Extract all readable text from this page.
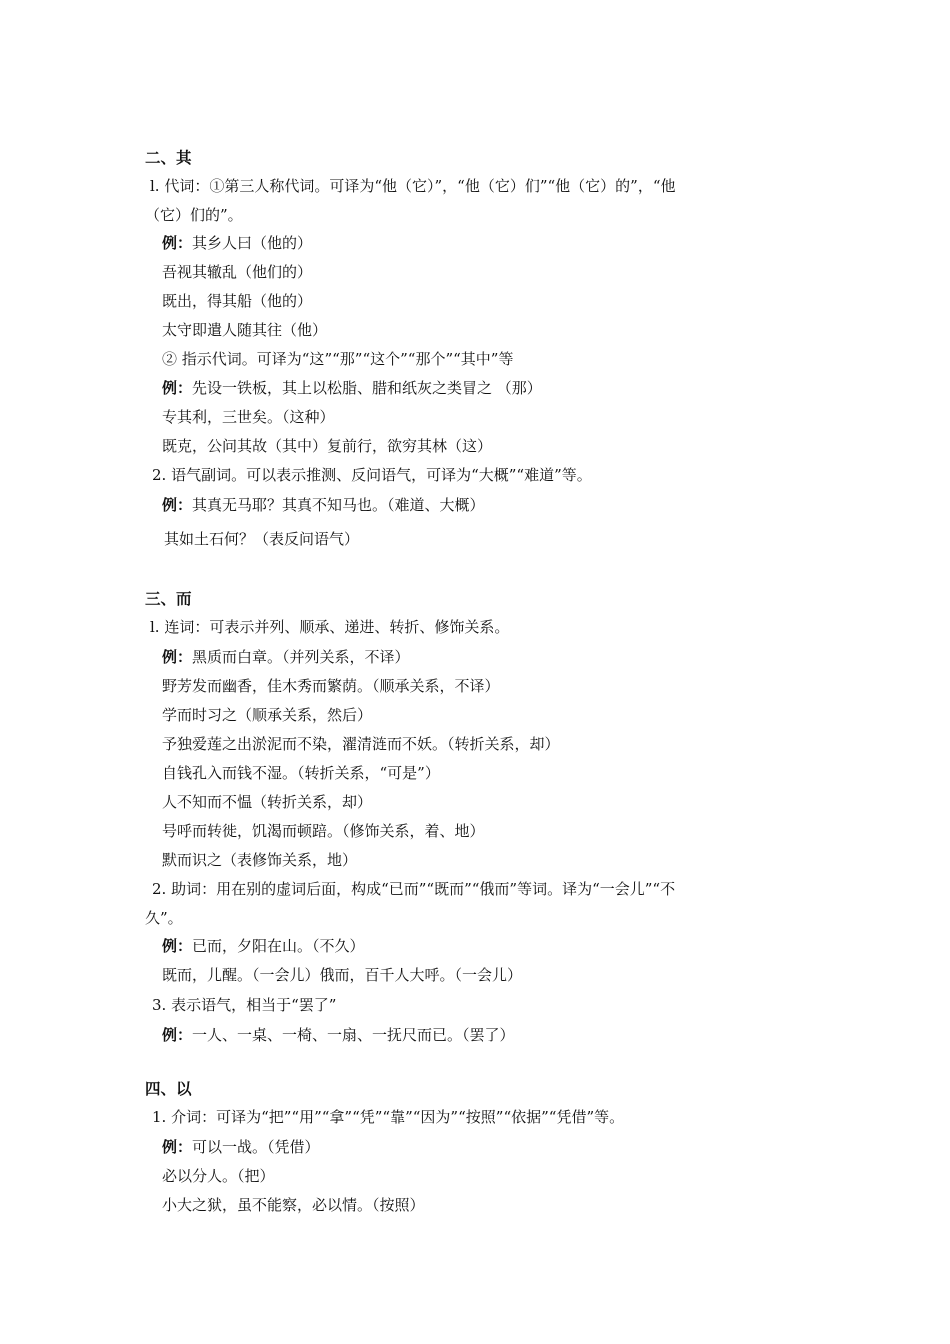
二、其
l. 代词：①第三人称代词。可译为“他（它）”，“他（它）们”“他（它）的”，“他
（它）们的”。
例：其乡人曰（他的）
吾视其辙乱（他们的）
既出，得其船（他的）
太守即遣人随其往（他）
② 指示代词。可译为“这”“那”“这个”“那个”“其中”等
例：先设一铁板，其上以松脂、腊和纸灰之类冒之 （那）
专其利，三世矣。（这种）
既克，公问其故（其中）复前行，欲穷其林（这）
2. 语气副词。可以表示推测、反问语气，可译为“大概”“难道”等。
例：其真无马耶？其真不知马也。（难道、大概）
其如土石何？（表反问语气）
三、而
l. 连词：可表示并列、顺承、递进、转折、修饰关系。
例：黑质而白章。（并列关系，不译）
野芳发而幽香，佳木秀而繁荫。（顺承关系，不译）
学而时习之（顺承关系，然后）
予独爱莲之出淤泥而不染，濯清涟而不妖。（转折关系，却）
自钱孔入而钱不湿。（转折关系，“可是”）
人不知而不愠（转折关系，却）
号呼而转徙，饥渴而顿踣。（修饰关系，着、地）
默而识之（表修饰关系，地）
2. 助词：用在别的虚词后面，构成“已而”“既而”“俄而”等词。译为“一会儿”“不
久”。
例：已而，夕阳在山。（不久）
既而，儿醒。（一会儿）俄而，百千人大呼。（一会儿）
3. 表示语气，相当于“罢了”
例：一人、一桌、一椅、一扇、一抚尺而已。（罢了）
四、以
1. 介词：可译为“把”“用”“拿”“凭”“靠”“因为”“按照”“依据”“凭借”等。
例：可以一战。（凭借）
必以分人。（把）
小大之狱，虽不能察，必以情。（按照）
